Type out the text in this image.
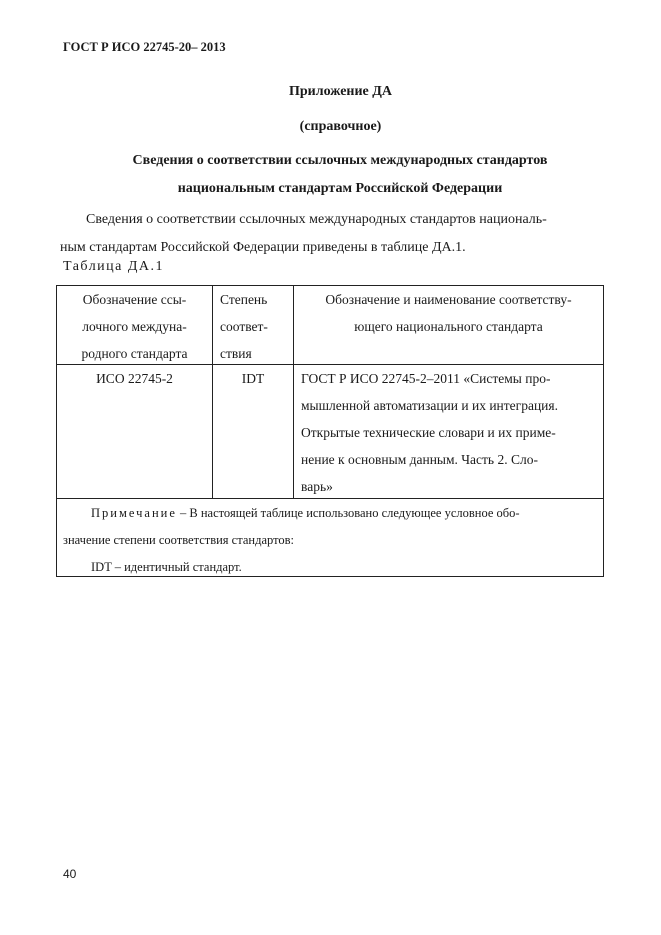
ГОСТ Р ИСО 22745-20– 2013
Приложение ДА
(справочное)
Сведения о соответствии ссылочных международных стандартов
национальным стандартам Российской Федерации
Сведения о соответствии ссылочных международных стандартов националь-
ным стандартам Российской Федерации приведены в таблице ДА.1.
Таблица ДА.1
Обозначение ссы-
лочного междуна-
родного стандарта
Степень
соответ-
ствия
Обозначение и наименование соответству-
ющего национального стандарта
ИСО 22745-2	IDT	ГОСТ Р ИСО 22745-2–2011 «Системы про-
мышленной автоматизации и их интеграция.
Открытые технические словари и их приме-
нение к основным данным. Часть 2. Сло-
варь»
Примечание – В настоящей таблице использовано следующее условное обо-
значение степени соответствия стандартов:
IDT – идентичный стандарт.
40
